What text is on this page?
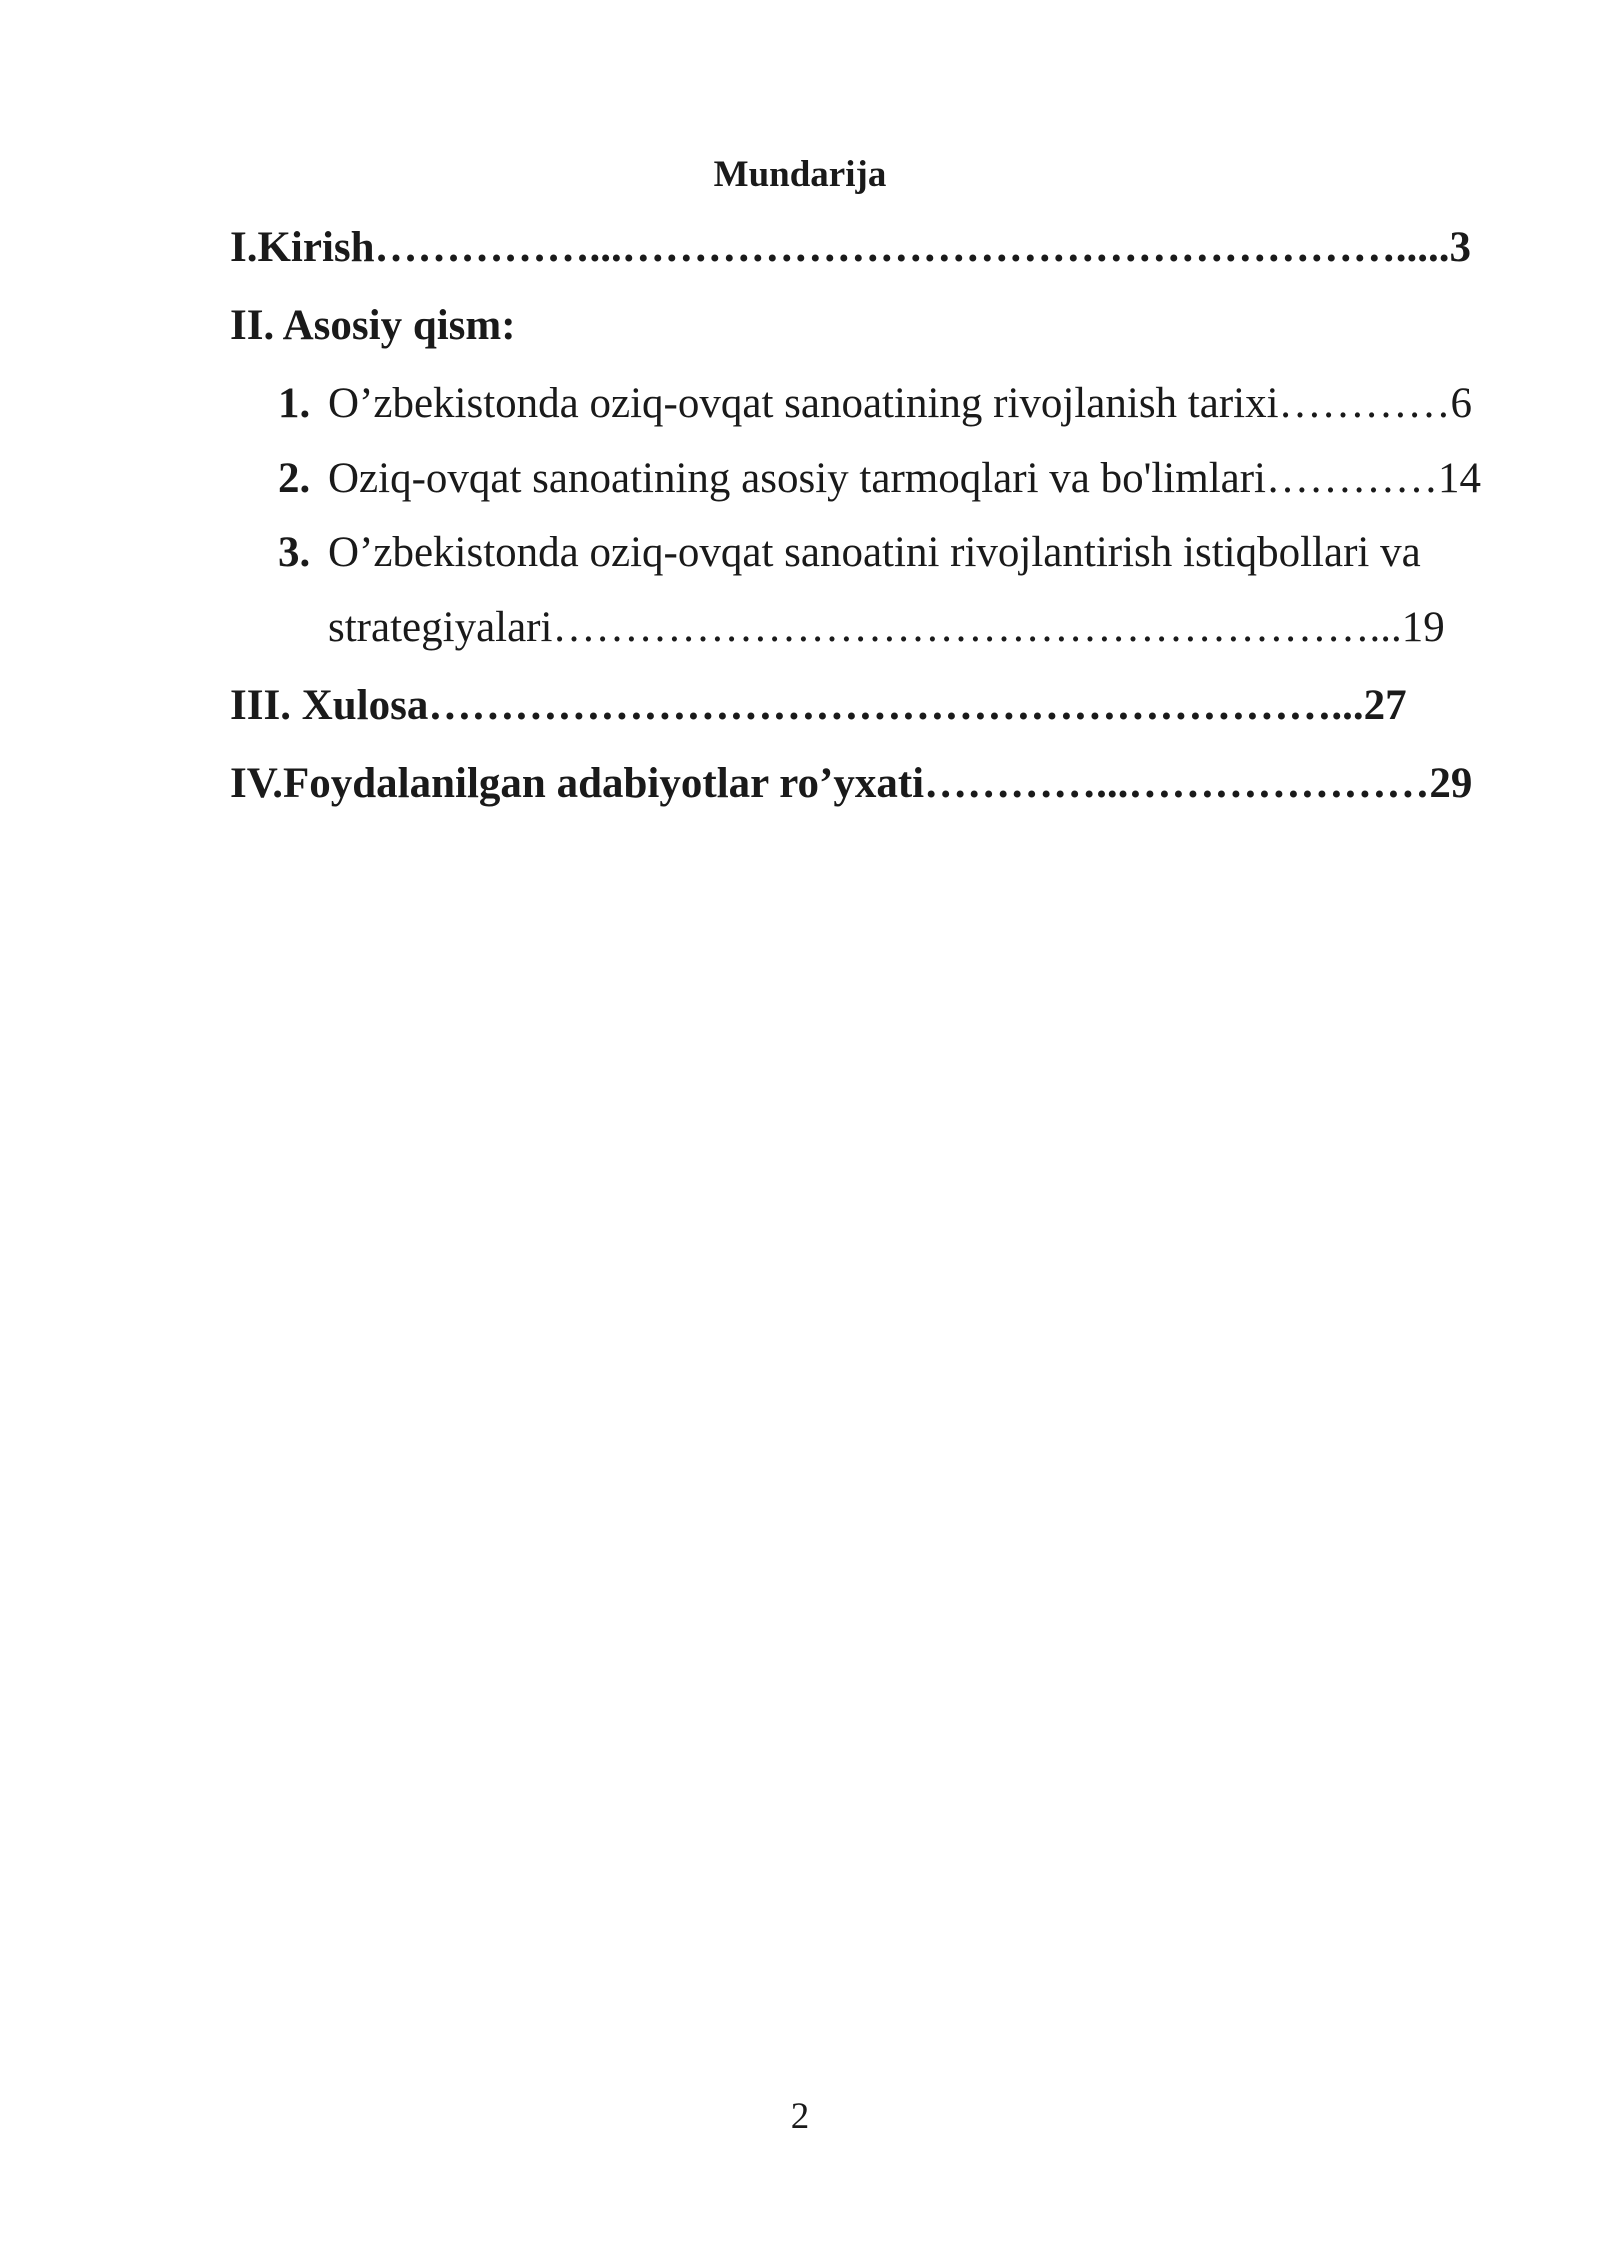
Mundarija
I.Kirish……………...……………………………………………….....3
II. Asosiy qism:
1. O’zbekistonda oziq-ovqat sanoatining rivojlanish tarixi…………6
2. Oziq-ovqat sanoatining asosiy tarmoqlari va bo'limlari…………14
3. O’zbekistonda oziq-ovqat sanoatini rivojlantirish istiqbollari va
strategiyalari…………………………………………………...19
III. Xulosa………………………………………………………...27
IV.Foydalanilgan adabiyotlar ro’yxati…………...…………………29
2
